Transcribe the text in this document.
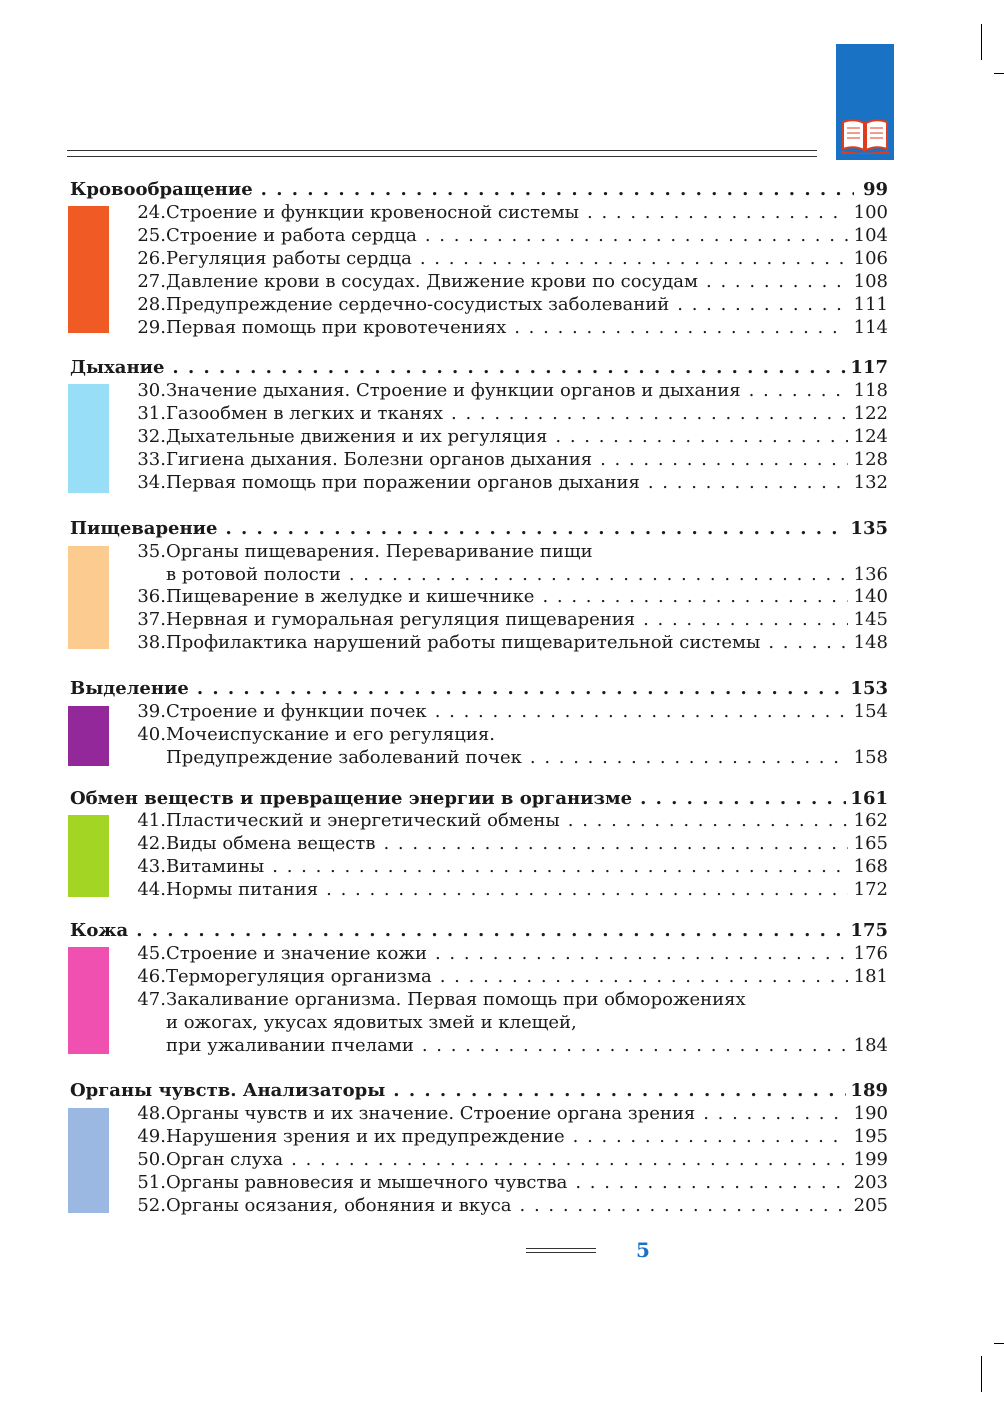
Кровообращение . . .	99
24. Строение и функции кровеносной системы . . .	100
25. Строение и работа сердца . . .	104
26. Регуляция работы сердца . . .	106
27. Давление крови в сосудах. Движение крови по сосудам . . .	108
28. Предупреждение сердечно-сосудистых заболеваний . . .	111
29. Первая помощь при кровотечениях . . .	114
Дыхание . . .	117
30. Значение дыхания. Строение и функции органов и дыхания . . .	118
31. Газообмен в легких и тканях . . .	122
32. Дыхательные движения и их регуляция . . .	124
33. Гигиена дыхания. Болезни органов дыхания . . .	128
34. Первая помощь при поражении органов дыхания . . .	132
Пищеварение . . .	135
35. Органы пищеварения. Переваривание пищи
в ротовой полости . . .	136
36. Пищеварение в желудке и кишечнике . . .	140
37. Нервная и гуморальная регуляция пищеварения . . .	145
38. Профилактика нарушений работы пищеварительной системы . . .	148
Выделение . . .	153
39. Строение и функции почек . . .	154
40. Мочеиспускание и его регуляция.
Предупреждение заболеваний почек . . .	158
Обмен веществ и превращение энергии в организме . . .	161
41. Пластический и энергетический обмены . . .	162
42. Виды обмена веществ . . .	165
43. Витамины . . .	168
44. Нормы питания . . .	172
Кожа . . .	175
45. Строение и значение кожи . . .	176
46. Терморегуляция организма . . .	181
47. Закаливание организма. Первая помощь при обморожениях
и ожогах, укусах ядовитых змей и клещей,
при ужаливании пчелами . . .	184
Органы чувств. Анализаторы . . .	189
48. Органы чувств и их значение. Строение органа зрения . . .	190
49. Нарушения зрения и их предупреждение . . .	195
50. Орган слуха . . .	199
51. Органы равновесия и мышечного чувства . . .	203
52. Органы осязания, обоняния и вкуса . . .	205
5
